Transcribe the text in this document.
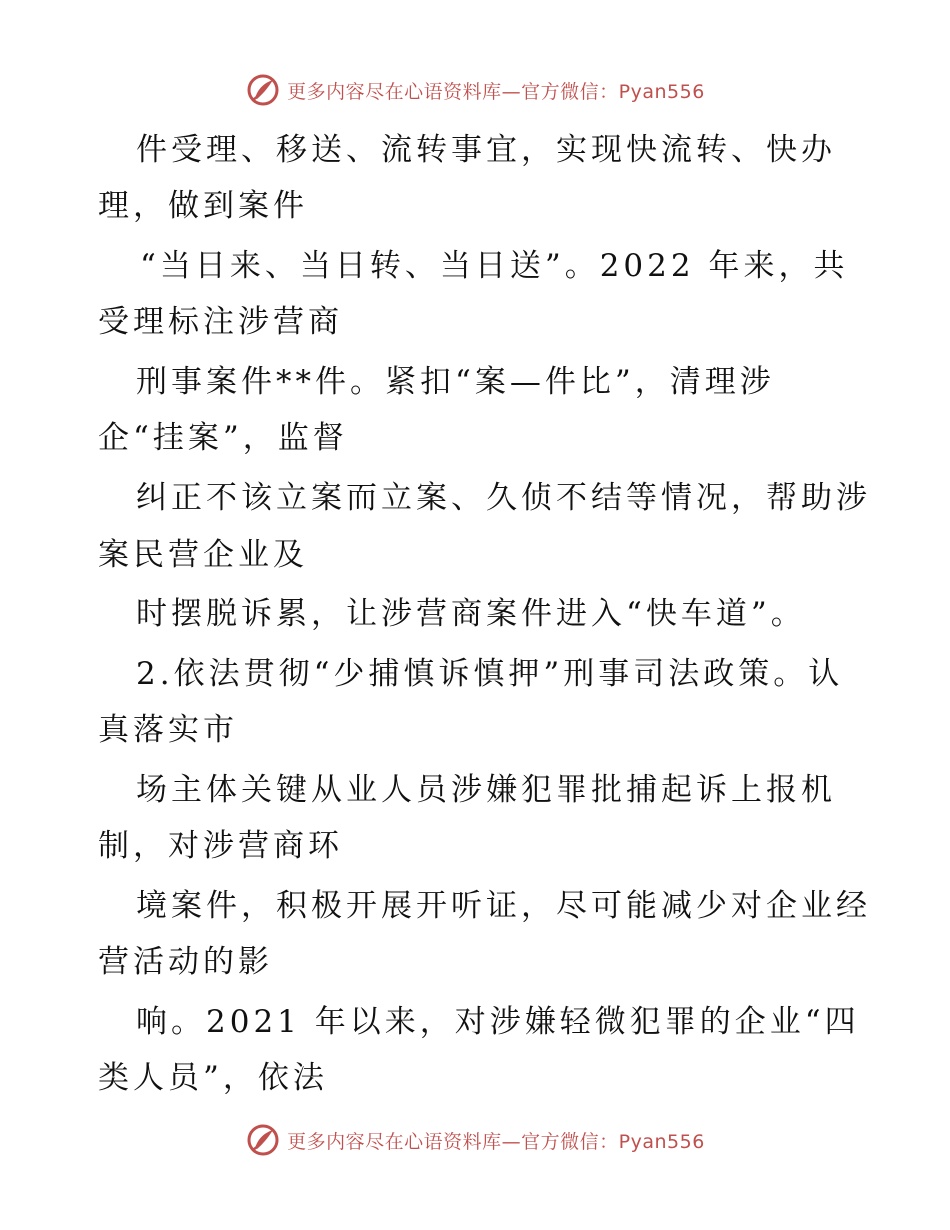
更多内容尽在心语资料库—官方微信：Pyan556
件受理、移送、流转事宜，实现快流转、快办
理，做到案件
“当日来、当日转、当日送”。2022 年来，共
受理标注涉营商
刑事案件**件。紧扣“案—件比”，清理涉
企“挂案”，监督
纠正不该立案而立案、久侦不结等情况，帮助涉
案民营企业及
时摆脱诉累，让涉营商案件进入“快车道”。
2.依法贯彻“少捕慎诉慎押”刑事司法政策。认
真落实市
场主体关键从业人员涉嫌犯罪批捕起诉上报机
制，对涉营商环
境案件，积极开展开听证，尽可能减少对企业经
营活动的影
响。2021 年以来，对涉嫌轻微犯罪的企业“四
类人员”，依法
更多内容尽在心语资料库—官方微信：Pyan556
